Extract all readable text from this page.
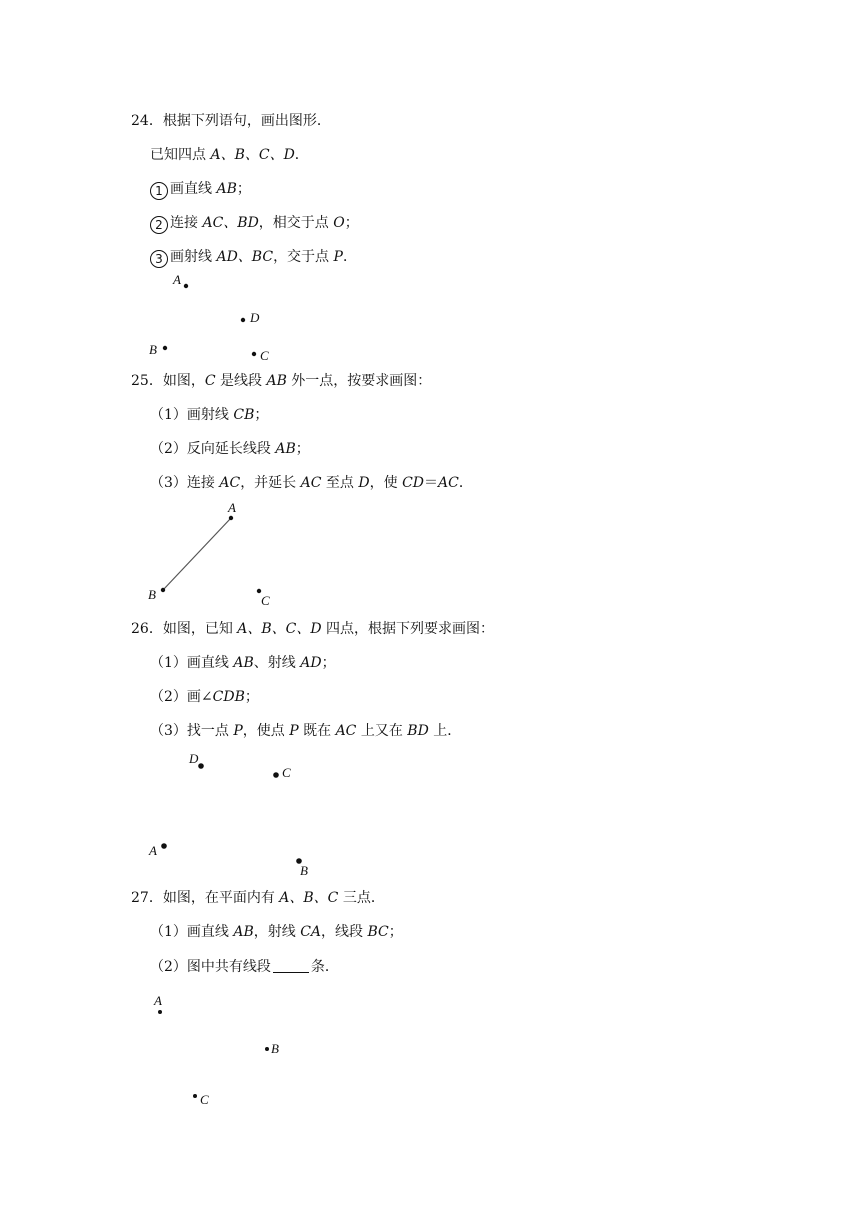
24．根据下列语句，画出图形．
已知四点 A、B、C、D．
1 画直线 AB；
2 连接 AC、BD，相交于点 O；
3 画射线 AD、BC，交于点 P．
A
D
B	C
25．如图，C 是线段 AB 外一点，按要求画图：
（1）画射线 CB；
（2）反向延长线段 AB；
（3）连接 AC，并延长 AC 至点 D，使 CD＝AC．
A
B	C
26．如图，已知 A、B、C、D 四点，根据下列要求画图：
（1）画直线 AB、射线 AD；
（2）画∠CDB；
（3）找一点 P，使点 P 既在 AC 上又在 BD 上．
D
C
A
B
27．如图，在平面内有 A、B、C 三点．
（1）画直线 AB，射线 CA，线段 BC；
（2）图中共有线段	条．
A
B
C
